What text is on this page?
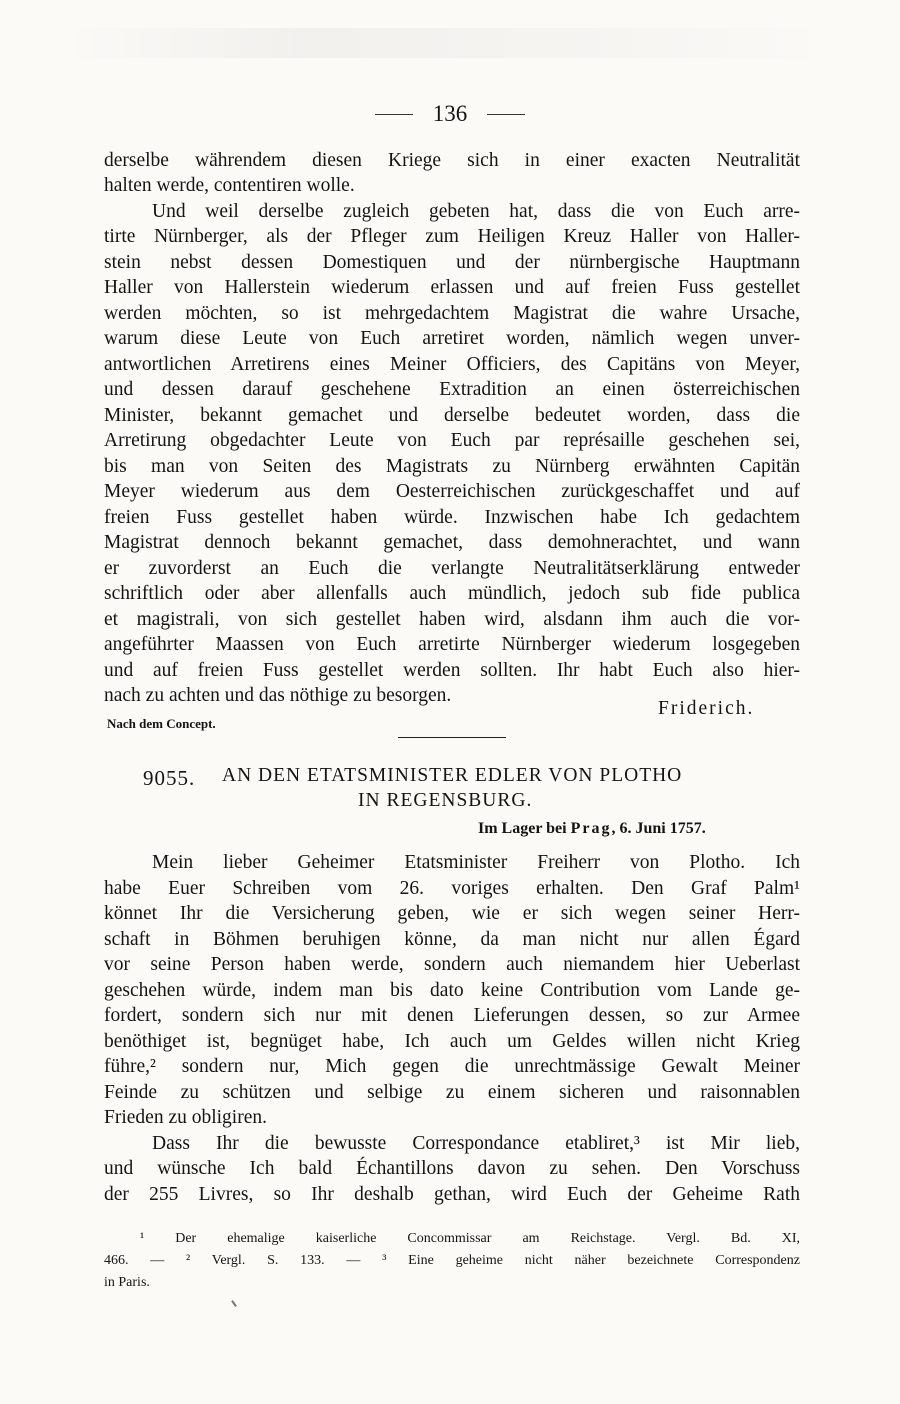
136
derselbe währendem diesen Kriege sich in einer exacten Neutralität
halten werde, contentiren wolle.
Und weil derselbe zugleich gebeten hat, dass die von Euch arre-
tirte Nürnberger, als der Pfleger zum Heiligen Kreuz Haller von Haller-
stein nebst dessen Domestiquen und der nürnbergische Hauptmann
Haller von Hallerstein wiederum erlassen und auf freien Fuss gestellet
werden möchten, so ist mehrgedachtem Magistrat die wahre Ursache,
warum diese Leute von Euch arretiret worden, nämlich wegen unver-
antwortlichen Arretirens eines Meiner Officiers, des Capitäns von Meyer,
und dessen darauf geschehene Extradition an einen österreichischen
Minister, bekannt gemachet und derselbe bedeutet worden, dass die
Arretirung obgedachter Leute von Euch par représaille geschehen sei,
bis man von Seiten des Magistrats zu Nürnberg erwähnten Capitän
Meyer wiederum aus dem Oesterreichischen zurückgeschaffet und auf
freien Fuss gestellet haben würde. Inzwischen habe Ich gedachtem
Magistrat dennoch bekannt gemachet, dass demohnerachtet, und wann
er zuvorderst an Euch die verlangte Neutralitätserklärung entweder
schriftlich oder aber allenfalls auch mündlich, jedoch sub fide publica
et magistrali, von sich gestellet haben wird, alsdann ihm auch die vor-
angeführter Maassen von Euch arretirte Nürnberger wiederum losgegeben
und auf freien Fuss gestellet werden sollten. Ihr habt Euch also hier-
nach zu achten und das nöthige zu besorgen.
Friderich.
Nach dem Concept.
9055. AN DEN ETATSMINISTER EDLER VON PLOTHO
IN REGENSBURG.
Im Lager bei Prag, 6. Juni 1757.
Mein lieber Geheimer Etatsminister Freiherr von Plotho. Ich
habe Euer Schreiben vom 26. voriges erhalten. Den Graf Palm¹
könnet Ihr die Versicherung geben, wie er sich wegen seiner Herr-
schaft in Böhmen beruhigen könne, da man nicht nur allen Égard
vor seine Person haben werde, sondern auch niemandem hier Ueberlast
geschehen würde, indem man bis dato keine Contribution vom Lande ge-
fordert, sondern sich nur mit denen Lieferungen dessen, so zur Armee
benöthiget ist, begnüget habe, Ich auch um Geldes willen nicht Krieg
führe,² sondern nur, Mich gegen die unrechtmässige Gewalt Meiner
Feinde zu schützen und selbige zu einem sicheren und raisonnablen
Frieden zu obligiren.
Dass Ihr die bewusste Correspondance etabliret,³ ist Mir lieb,
und wünsche Ich bald Échantillons davon zu sehen. Den Vorschuss
der 255 Livres, so Ihr deshalb gethan, wird Euch der Geheime Rath
¹ Der ehemalige kaiserliche Concommissar am Reichstage. Vergl. Bd. XI,
466. — ² Vergl. S. 133. — ³ Eine geheime nicht näher bezeichnete Correspondenz
in Paris.
